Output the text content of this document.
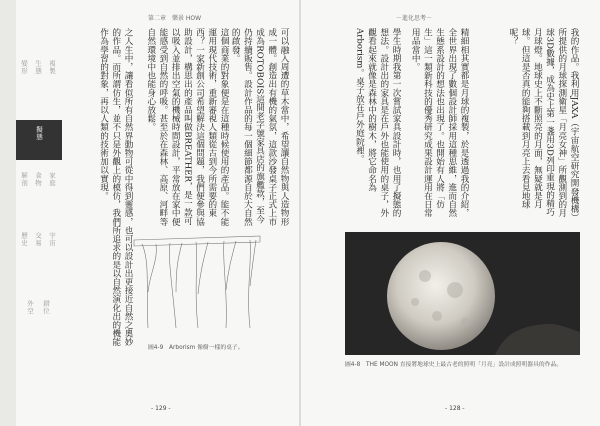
變形 生態 複製
擬態
解剖 食物 家庭
歷史 交易 宇宙
外空 錯位
第二章　樂景 HOW	－進化思考－
可以融入周遭的草木當中，希望讓自然物與人造物形成一體。創造出有機的氣氛，這款沙發桌子正式上市成為ROTOBOIS這間老字號家具店的旗艦款，至今仍持續販售。設計作品的每一個細節都源自於大自然的啟發。
這個商業的對象便是在這種時候使用的產品。能不能運用現代技術，重新審視人類從古到今所需要的東西？一家新創公司希望解決這個問題，我們便參與協助設計，構思出的產品叫做BREATHER，是一款可以吸入並排出空氣的機械時間設計，平常放在家中便能感受到自然的呼吸。甚至於在森林、高原、河畔等自然環境中也能身心放鬆。
之人生中，讓看似所有自然界動物可從中得到靈感，也可以設計出更接近自然之奧妙的作品。而所謂仿生，並不只是外觀上的模仿，我們所追求的是以自然演化出的機能作為學習的對象，再以人類的技術加以實現。
圖4-9　Arborism 像樹一樣的桌子。
- 129 -
我的作品。我利用JAXA（宇宙航空研究開發機構）所提供的月球探測衛星「月亮女神」所觀測到的月球3D數據，成為史上第一盞用3D列印重現的精巧月球燈。地球史上不斷照亮的月面，無疑就是月球。但這是否真的能夠搭載到月亮上去看見地球呢？
精細相其實都是月球的複製，於是透過我的介紹，全世界出現了數個設計師採用這種思維，進而自然生態系設計的想法也出現了。也開始有人將「仿生」這一類新科技的優秀研究成果設計運用在日常用品當中。
學生時期我第一次嘗試家具設計時，也用了擬態的想法。設計出的家具是在戶外也能使用的桌子，外觀看起來就像是森林中的樹木，將它命名為Arborism。桌子放在戶外庭院裡。
圖4-8　THE MOON 直接將地球史上最古老的照明「月亮」設計成照明器具的作品。
- 128 -
